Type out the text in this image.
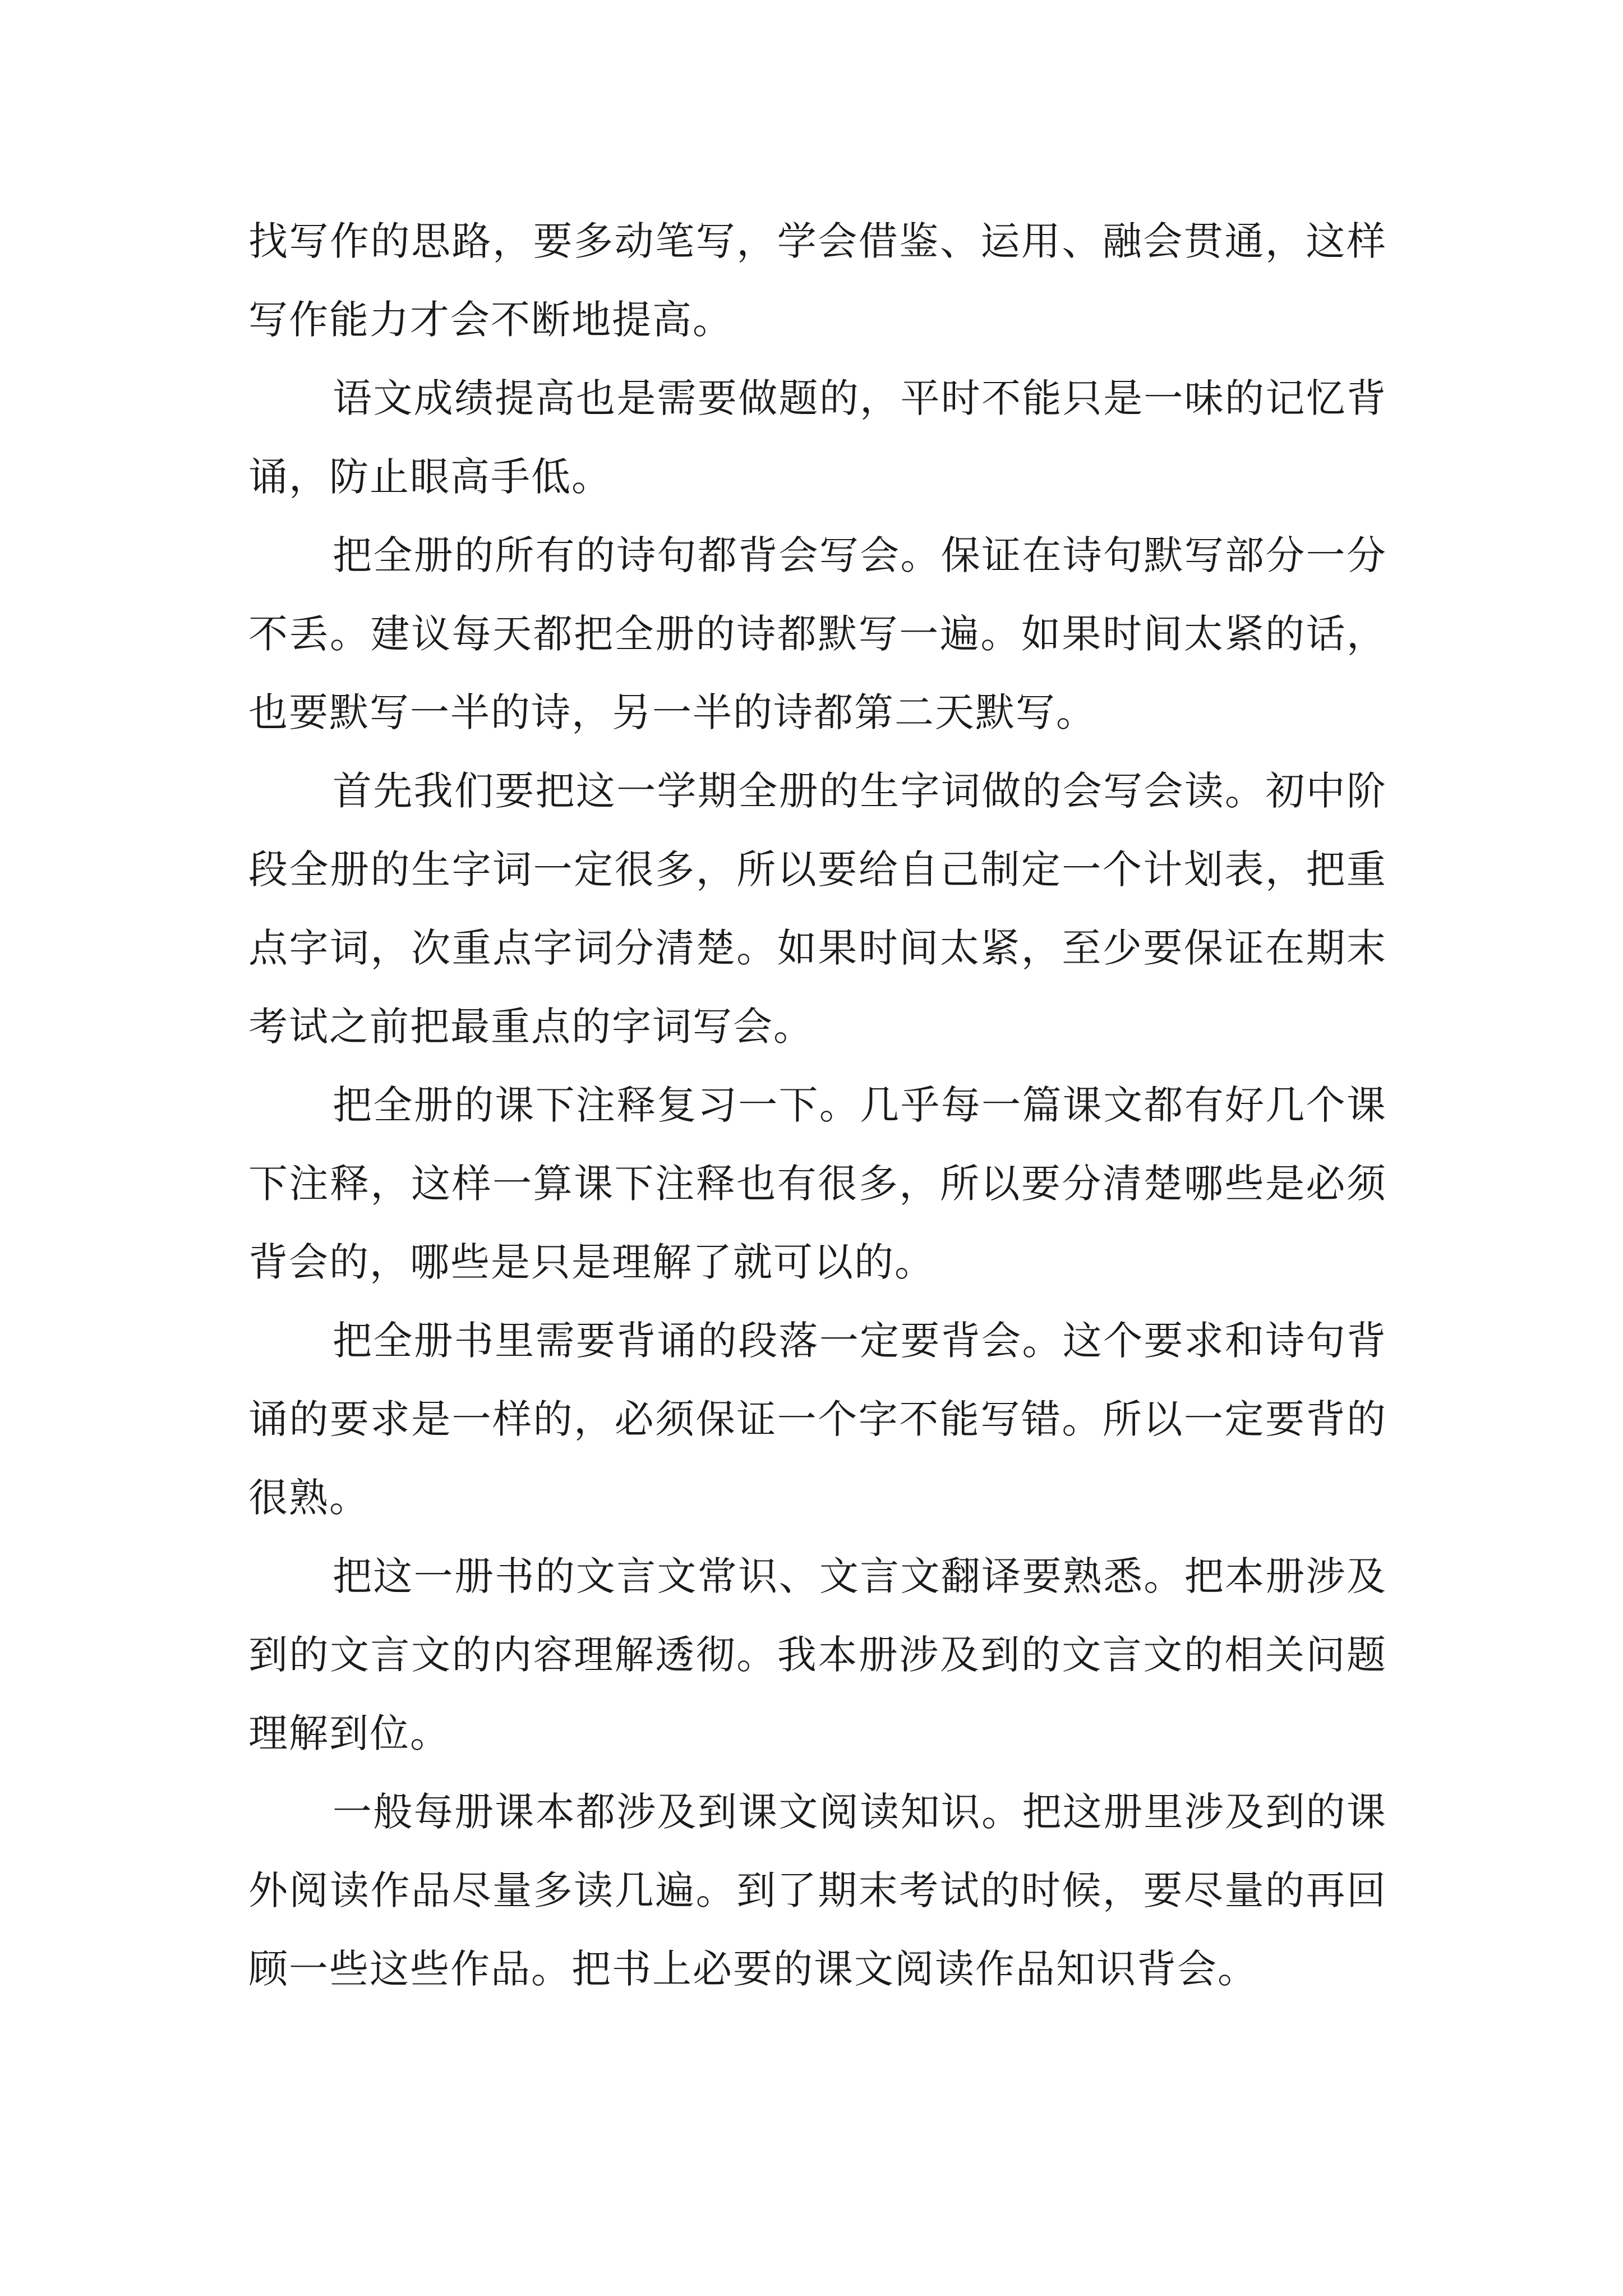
找写作的思路，要多动笔写，学会借鉴、运用、融会贯通，这样写作能力才会不断地提高。

语文成绩提高也是需要做题的，平时不能只是一味的记忆背诵，防止眼高手低。

把全册的所有的诗句都背会写会。保证在诗句默写部分一分不丢。建议每天都把全册的诗都默写一遍。如果时间太紧的话，也要默写一半的诗，另一半的诗都第二天默写。

首先我们要把这一学期全册的生字词做的会写会读。初中阶段全册的生字词一定很多，所以要给自己制定一个计划表，把重点字词，次重点字词分清楚。如果时间太紧，至少要保证在期末考试之前把最重点的字词写会。

把全册的课下注释复习一下。几乎每一篇课文都有好几个课下注释，这样一算课下注释也有很多，所以要分清楚哪些是必须背会的，哪些是只是理解了就可以的。

把全册书里需要背诵的段落一定要背会。这个要求和诗句背诵的要求是一样的，必须保证一个字不能写错。所以一定要背的很熟。

把这一册书的文言文常识、文言文翻译要熟悉。把本册涉及到的文言文的内容理解透彻。我本册涉及到的文言文的相关问题理解到位。

一般每册课本都涉及到课文阅读知识。把这册里涉及到的课外阅读作品尽量多读几遍。到了期末考试的时候，要尽量的再回顾一些这些作品。把书上必要的课文阅读作品知识背会。
